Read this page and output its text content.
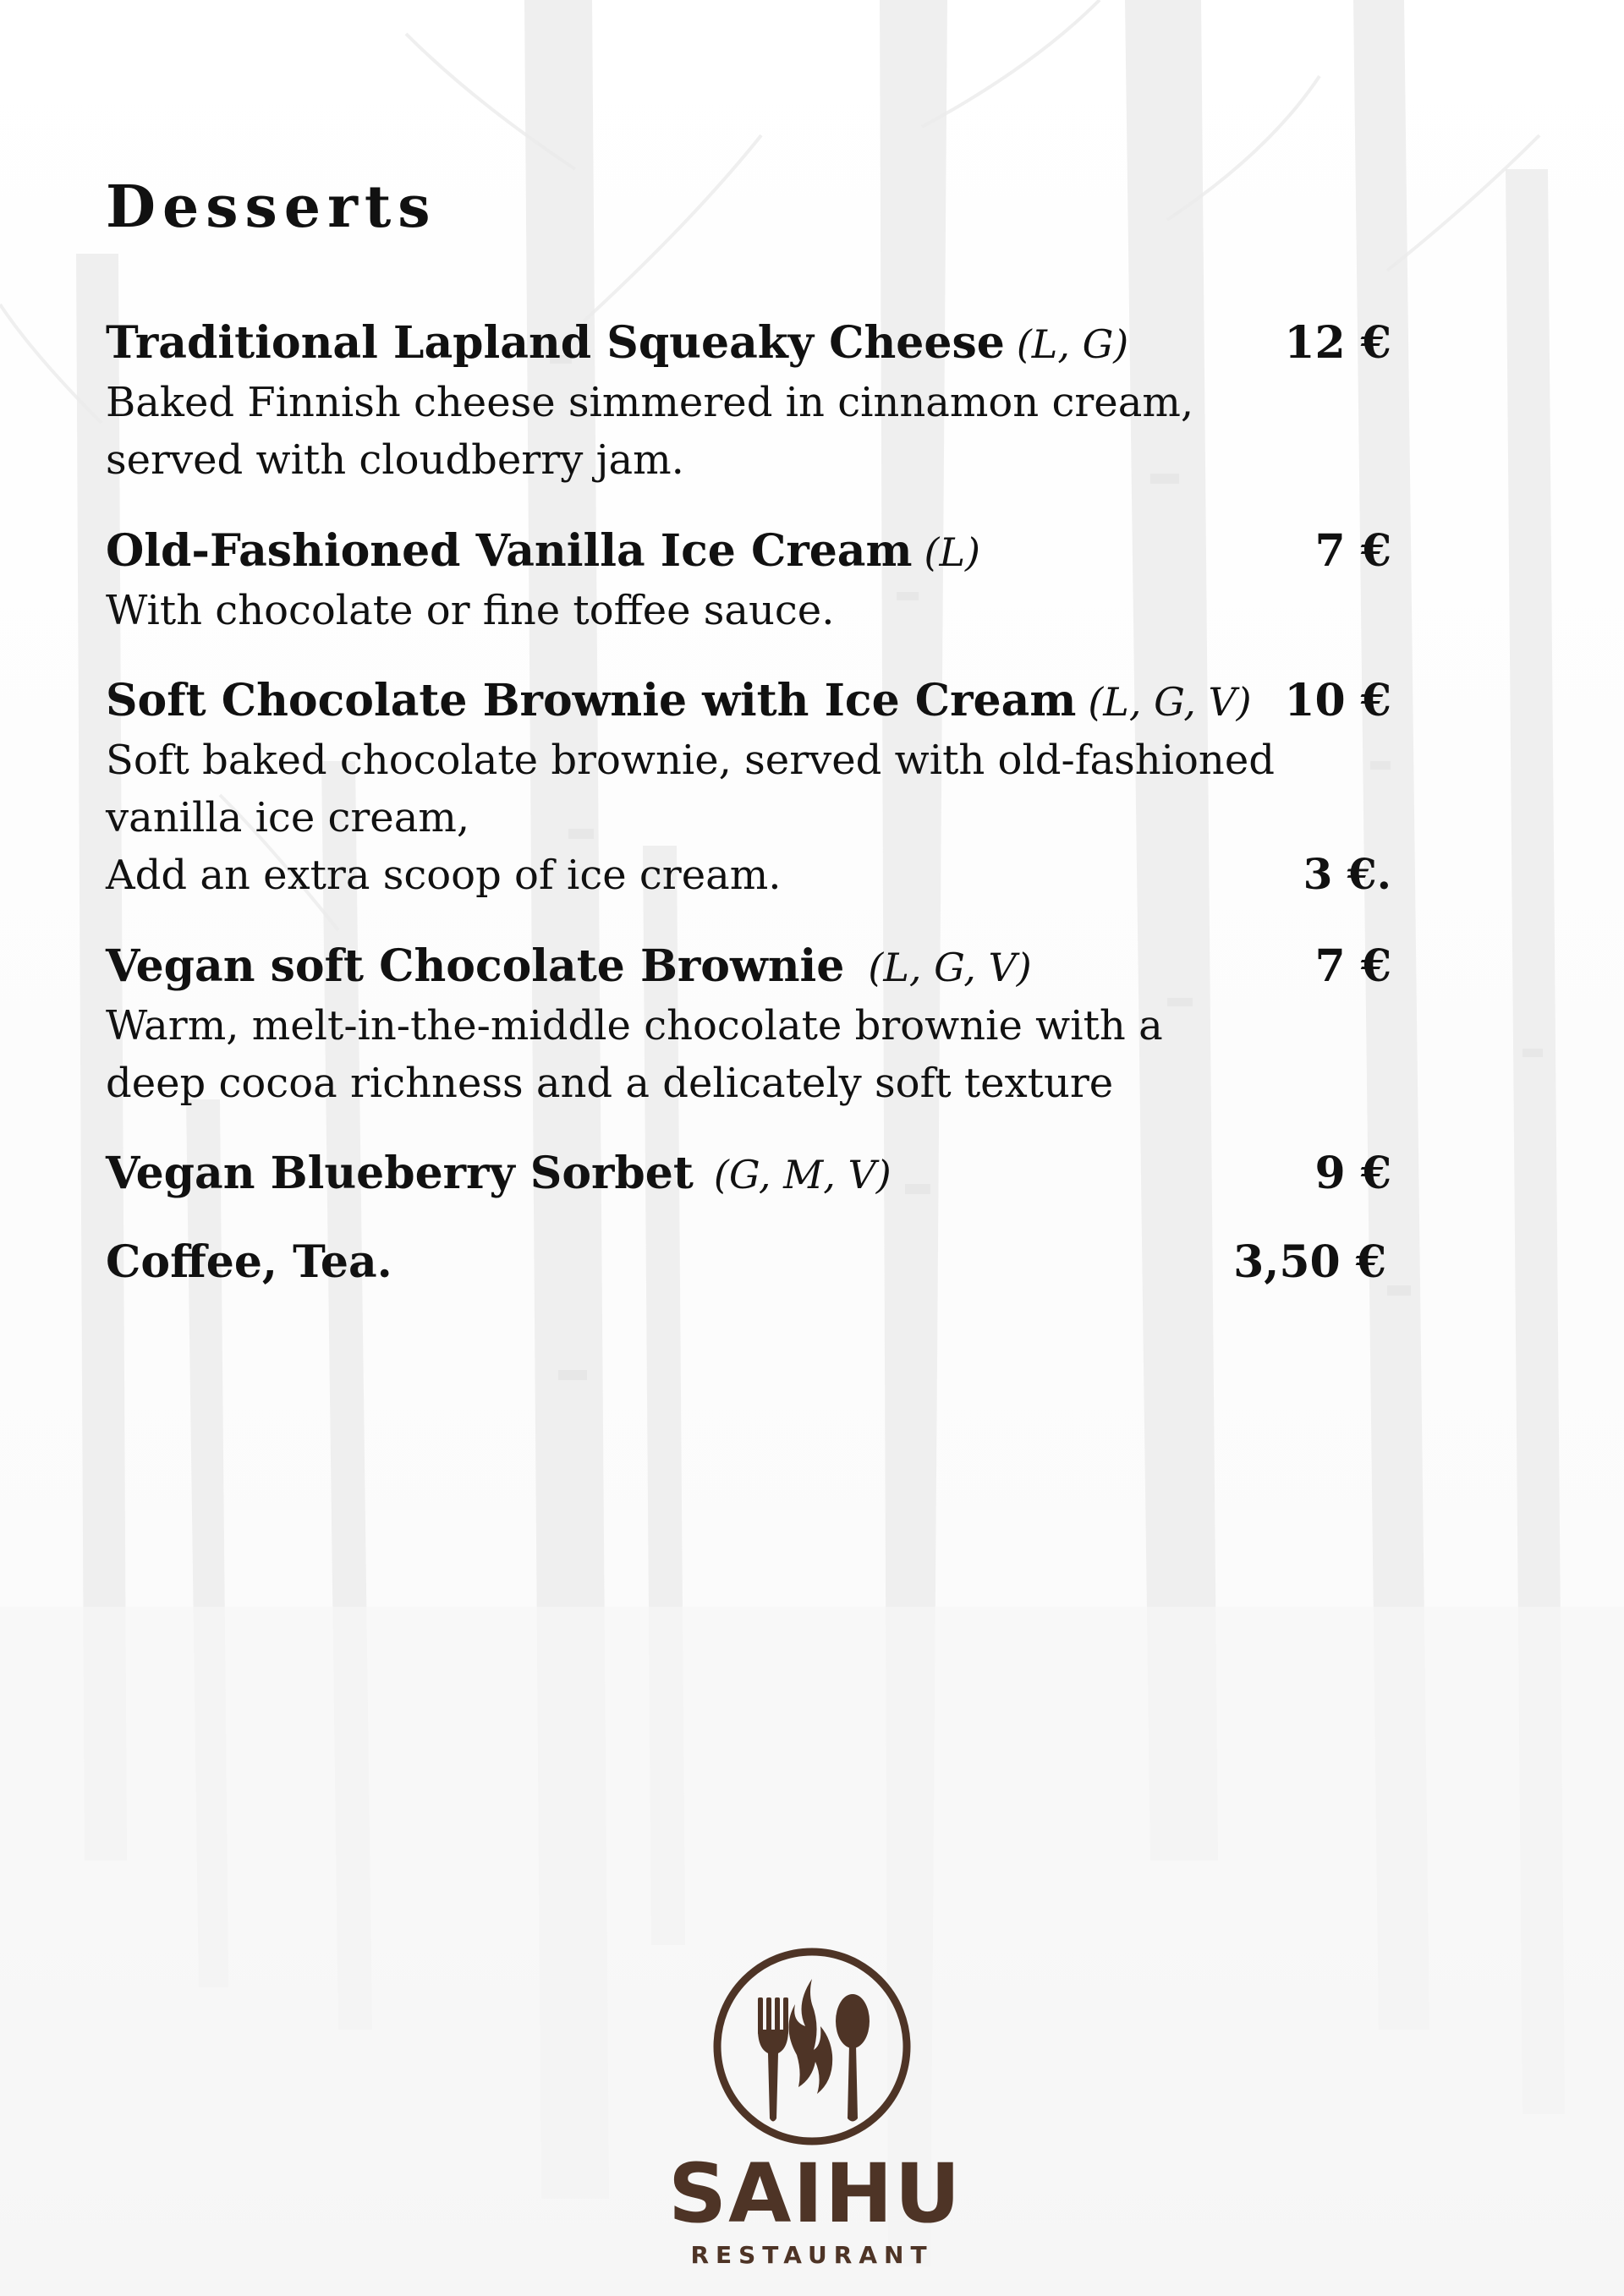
Desserts
Traditional Lapland Squeaky Cheese (L, G)	12 €
Baked Finnish cheese simmered in cinnamon cream,
served with cloudberry jam.
Old-Fashioned Vanilla Ice Cream (L)	7 €
With chocolate or fine toffee sauce.
Soft Chocolate Brownie with Ice Cream (L, G, V) 10 €
Soft baked chocolate brownie, served with old-fashioned
vanilla ice cream,
Add an extra scoop of ice cream.	3 €.
Vegan soft Chocolate Brownie (L, G, V)	7 €
Warm, melt-in-the-middle chocolate brownie with a
deep cocoa richness and a delicately soft texture
Vegan Blueberry Sorbet (G, M, V)	9 €
Coffee, Tea.	3,50 €
SAIHU
RESTAURANT
